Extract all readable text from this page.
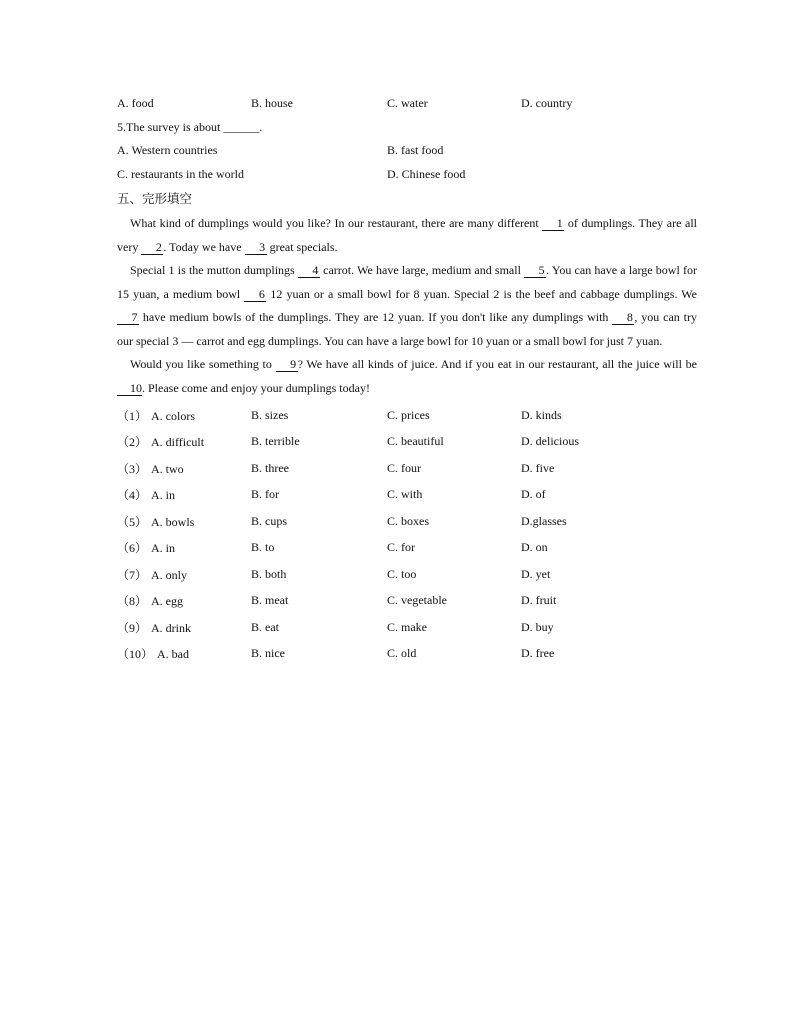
A. food	B. house	C. water	D. country
5.The survey is about ______.
A. Western countries	B. fast food
C. restaurants in the world	D. Chinese food
五、完形填空

What kind of dumplings would you like? In our restaurant, there are many different 1 of dumplings. They are all very 2 . Today we have 3 great specials.

Special 1 is the mutton dumplings 4 carrot. We have large, medium and small 5 . You can have a large bowl for 15 yuan, a medium bowl 6 12 yuan or a small bowl for 8 yuan. Special 2 is the beef and cabbage dumplings. We 7 have medium bowls of the dumplings. They are 12 yuan. If you don't like any dumplings with 8 , you can try our special 3 — carrot and egg dumplings. You can have a large bowl for 10 yuan or a small bowl for just 7 yuan.

Would you like something to 9 ? We have all kinds of juice. And if you eat in our restaurant, all the juice will be 10. Please come and enjoy your dumplings today!

（1） A. colors	B. sizes	C. prices	D. kinds
（2） A. difficult	B. terrible	C. beautiful	D. delicious
（3） A. two	B. three	C. four	D. five
（4） A. in	B. for	C. with	D. of
（5） A. bowls	B. cups	C. boxes	D.glasses
（6） A. in	B. to	C. for	D. on
（7） A. only	B. both	C. too	D. yet
（8） A. egg	B. meat	C. vegetable	D. fruit
（9） A. drink	B. eat	C. make	D. buy
（10） A. bad	B. nice	C. old	D. free
